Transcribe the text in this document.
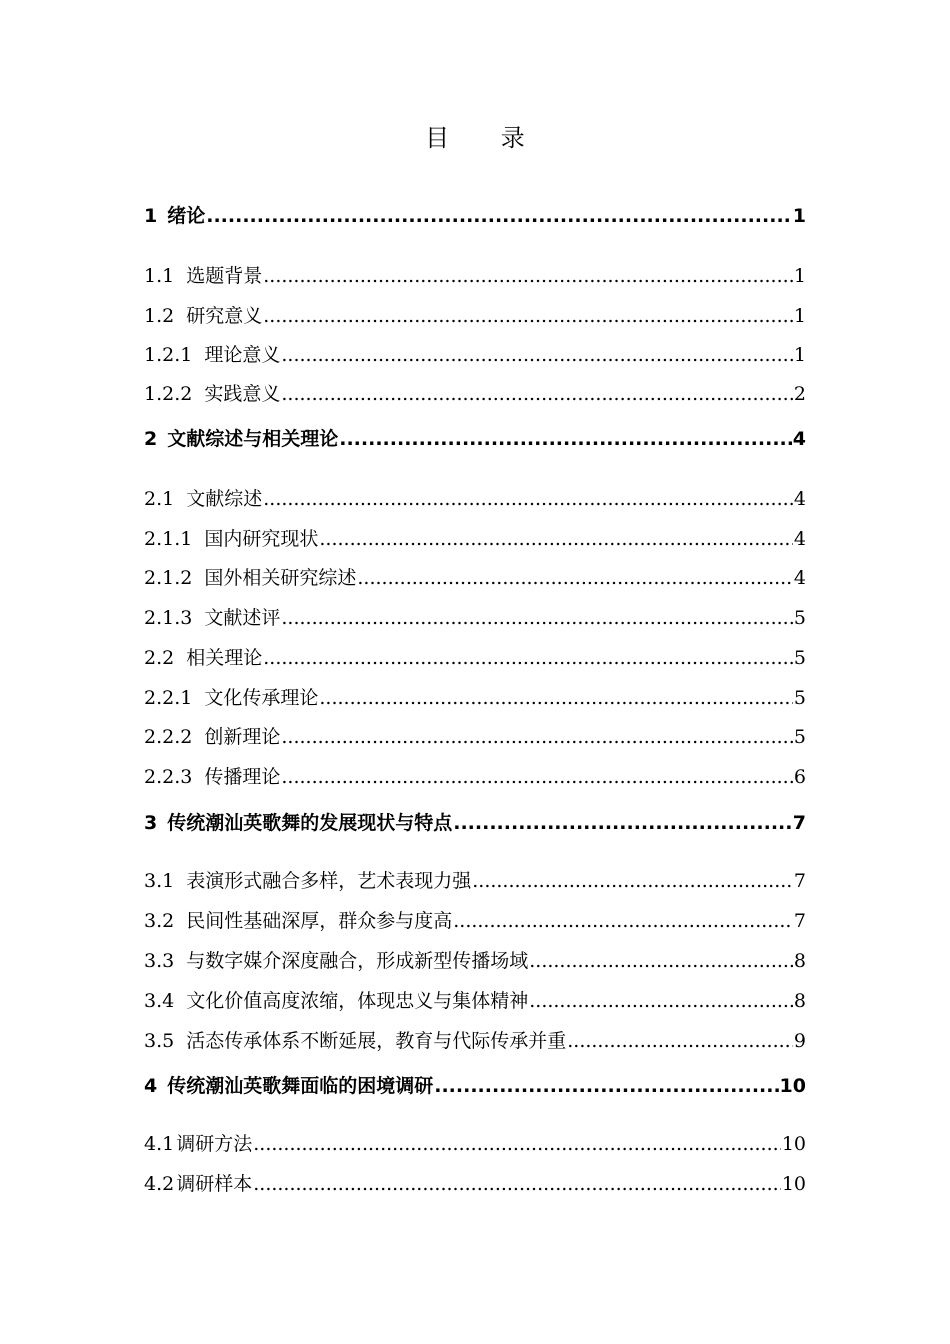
目 录
1 绪论 .....	1
1.1 选题背景 .....	1
1.2 研究意义 .....	1
1.2.1 理论意义 .....	1
1.2.2 实践意义 .....	2
2 文献综述与相关理论 .....	4
2.1 文献综述 .....	4
2.1.1 国内研究现状 .....	4
2.1.2 国外相关研究综述 .....	4
2.1.3 文献述评 .....	5
2.2 相关理论 .....	5
2.2.1 文化传承理论 .....	5
2.2.2 创新理论 .....	5
2.2.3 传播理论 .....	6
3 传统潮汕英歌舞的发展现状与特点 .....	7
3.1 表演形式融合多样，艺术表现力强 .....	7
3.2 民间性基础深厚，群众参与度高 .....	7
3.3 与数字媒介深度融合，形成新型传播场域 .....	8
3.4 文化价值高度浓缩，体现忠义与集体精神 .....	8
3.5 活态传承体系不断延展，教育与代际传承并重 .....	9
4 传统潮汕英歌舞面临的困境调研 .....	10
4.1 调研方法 .....	10
4.2 调研样本 .....	10
